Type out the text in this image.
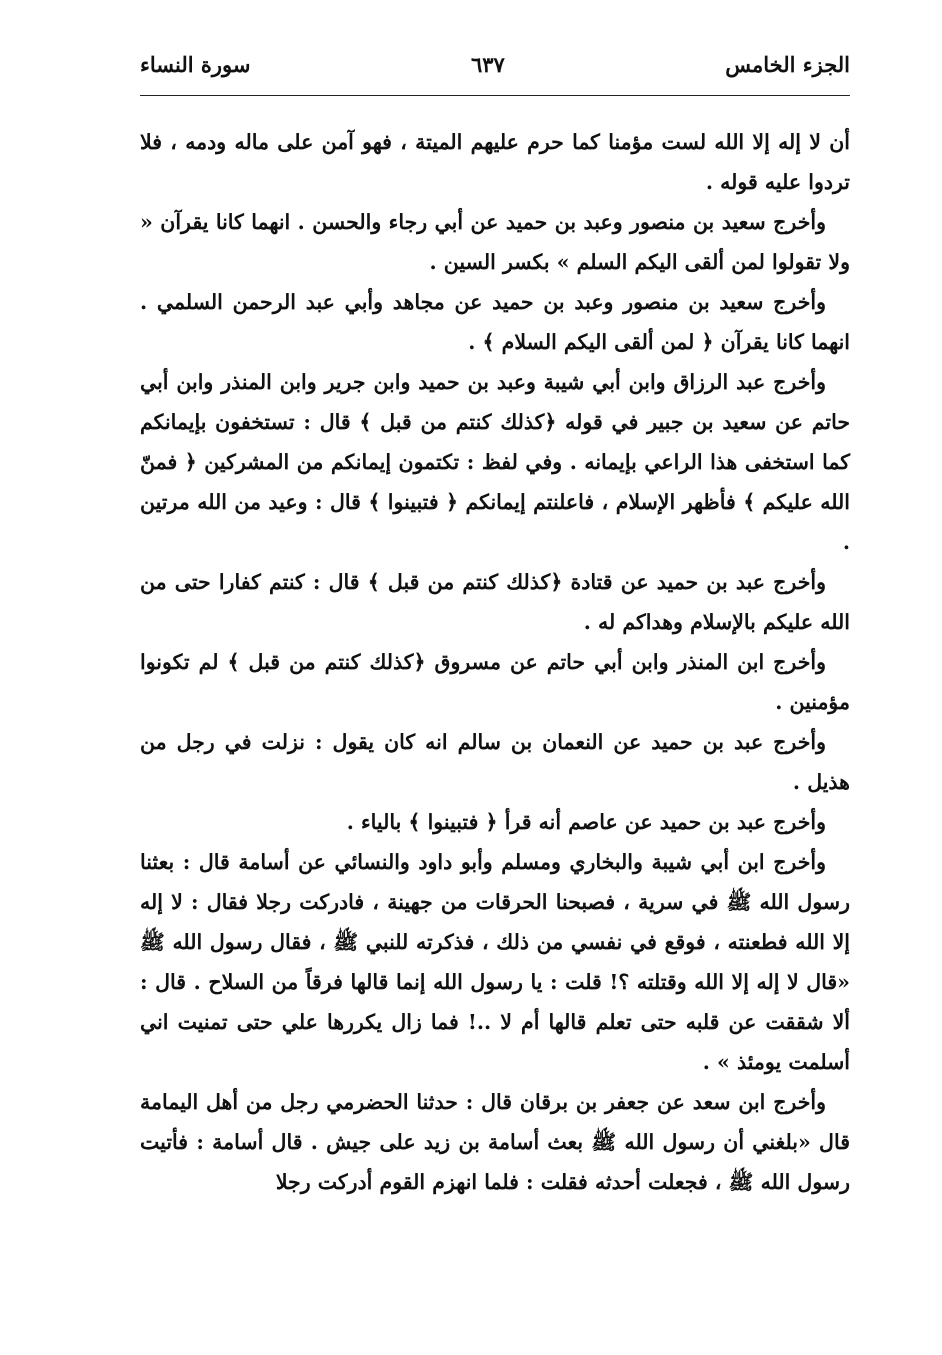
الجزء الخامس
٦٣٧
سورة النساء

أن لا إله إلا الله لست مؤمنا كما حرم عليهم الميتة ، فهو آمن على ماله ودمه ، فلا تردوا عليه قوله .

وأخرج سعيد بن منصور وعبد بن حميد عن أبي رجاء والحسن . انهما كانا يقرآن « ولا تقولوا لمن ألقى اليكم السلم » بكسر السين .

وأخرج سعيد بن منصور وعبد بن حميد عن مجاهد وأبي عبد الرحمن السلمي . انهما كانا يقرآن ﴿ لمن ألقى اليكم السلام ﴾ .

وأخرج عبد الرزاق وابن أبي شيبة وعبد بن حميد وابن جرير وابن المنذر وابن أبي حاتم عن سعيد بن جبير في قوله ﴿كذلك كنتم من قبل ﴾ قال : تستخفون بإيمانكم كما استخفى هذا الراعي بإيمانه . وفي لفظ : تكتمون إيمانكم من المشركين ﴿ فمنّ الله عليكم ﴾ فأظهر الإسلام ، فاعلنتم إيمانكم ﴿ فتبينوا ﴾ قال : وعيد من الله مرتين .

وأخرج عبد بن حميد عن قتادة ﴿كذلك كنتم من قبل ﴾ قال : كنتم كفارا حتى من الله عليكم بالإسلام وهداكم له .

وأخرج ابن المنذر وابن أبي حاتم عن مسروق ﴿كذلك كنتم من قبل ﴾ لم تكونوا مؤمنين .

وأخرج عبد بن حميد عن النعمان بن سالم انه كان يقول : نزلت في رجل من هذيل .

وأخرج عبد بن حميد عن عاصم أنه قرأ ﴿ فتبينوا ﴾ بالياء .

وأخرج ابن أبي شيبة والبخاري ومسلم وأبو داود والنسائي عن أسامة قال : بعثنا رسول الله ﷺ في سرية ، فصبحنا الحرقات من جهينة ، فادركت رجلا فقال : لا إله إلا الله فطعنته ، فوقع في نفسي من ذلك ، فذكرته للنبي ﷺ ، فقال رسول الله ﷺ «قال لا إله إلا الله وقتلته ؟! قلت : يا رسول الله إنما قالها فرقاً من السلاح . قال : ألا شققت عن قلبه حتى تعلم قالها أم لا ..! فما زال يكررها علي حتى تمنيت اني أسلمت يومئذ » .

وأخرج ابن سعد عن جعفر بن برقان قال : حدثنا الحضرمي رجل من أهل اليمامة قال «بلغني أن رسول الله ﷺ بعث أسامة بن زيد على جيش . قال أسامة : فأتيت رسول الله ﷺ ، فجعلت أحدثه فقلت : فلما انهزم القوم أدركت رجلا
